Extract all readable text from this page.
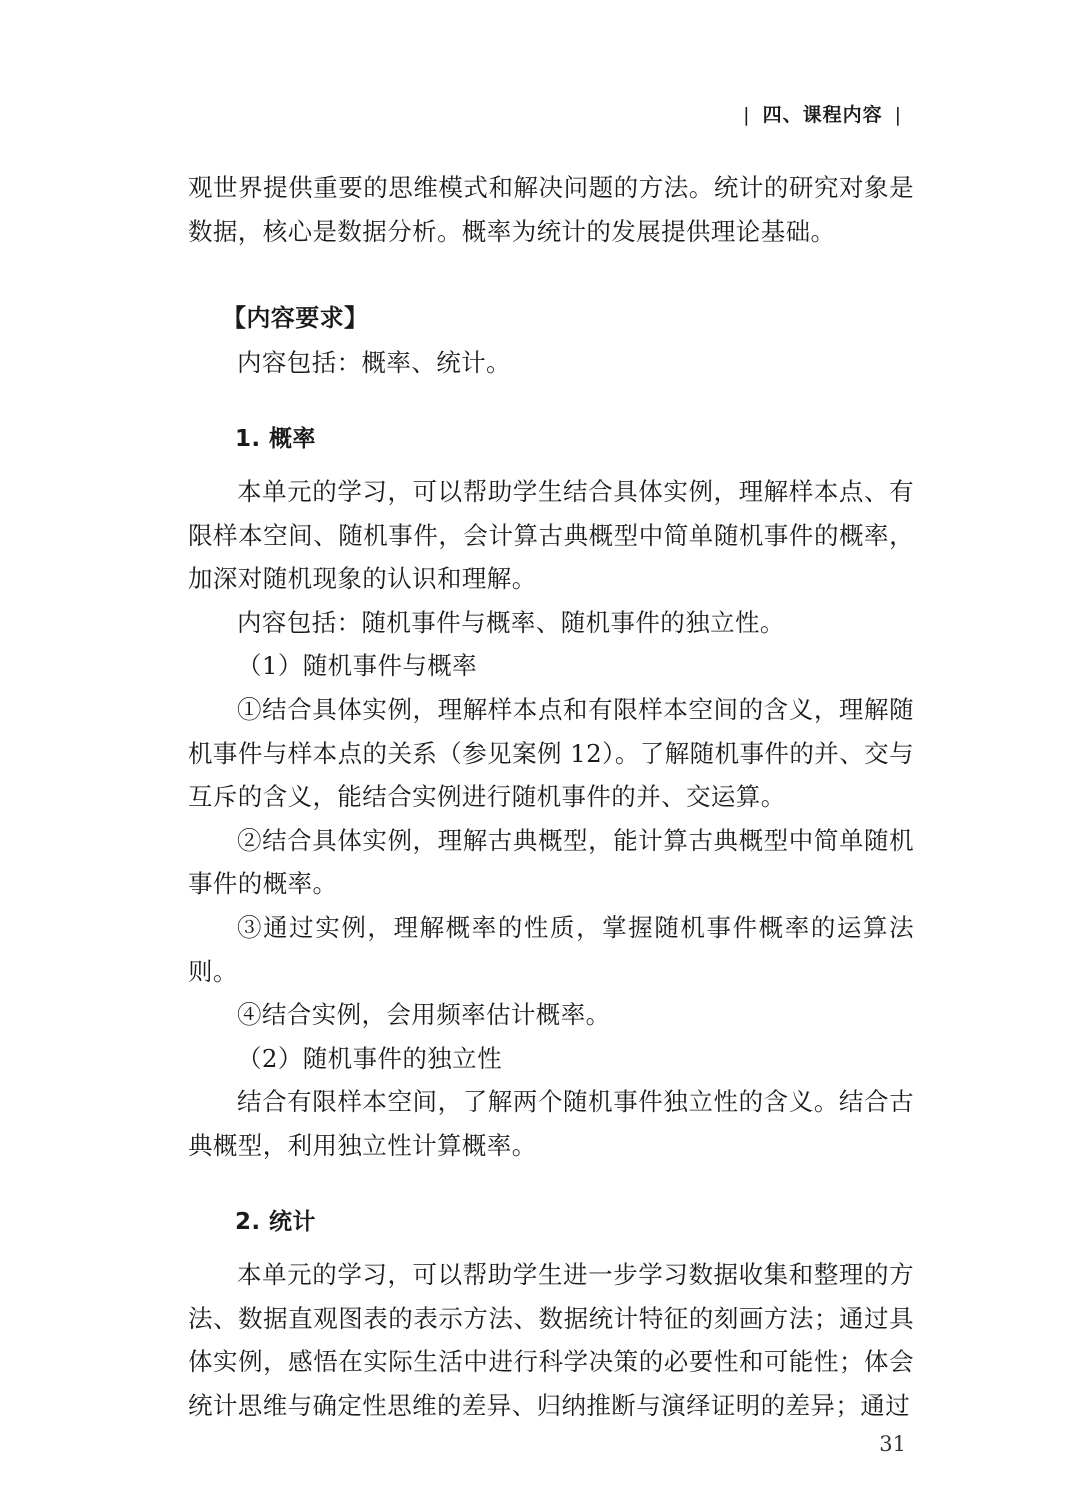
| 四、课程内容 |

观世界提供重要的思维模式和解决问题的方法。统计的研究对象是数据，核心是数据分析。概率为统计的发展提供理论基础。

【内容要求】

内容包括：概率、统计。

1. 概率

本单元的学习，可以帮助学生结合具体实例，理解样本点、有限样本空间、随机事件，会计算古典概型中简单随机事件的概率，加深对随机现象的认识和理解。

内容包括：随机事件与概率、随机事件的独立性。

（1）随机事件与概率

①结合具体实例，理解样本点和有限样本空间的含义，理解随机事件与样本点的关系（参见案例 12）。了解随机事件的并、交与互斥的含义，能结合实例进行随机事件的并、交运算。

②结合具体实例，理解古典概型，能计算古典概型中简单随机事件的概率。

③通过实例，理解概率的性质，掌握随机事件概率的运算法则。

④结合实例，会用频率估计概率。

（2）随机事件的独立性

结合有限样本空间，了解两个随机事件独立性的含义。结合古典概型，利用独立性计算概率。

2. 统计

本单元的学习，可以帮助学生进一步学习数据收集和整理的方法、数据直观图表的表示方法、数据统计特征的刻画方法；通过具体实例，感悟在实际生活中进行科学决策的必要性和可能性；体会统计思维与确定性思维的差异、归纳推断与演绎证明的差异；通过

31
